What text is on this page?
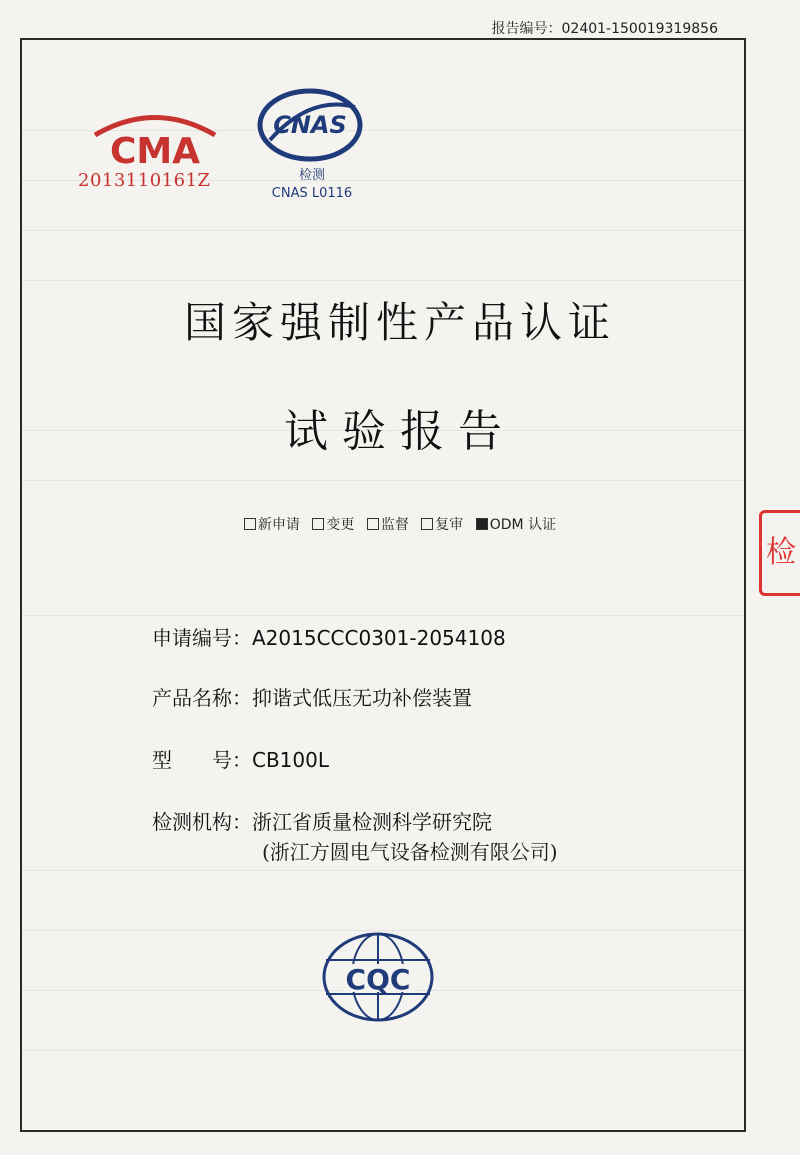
报告编号：02401-150019319856
CMA
2013110161Z
CNAS
检测
CNAS L0116
国家强制性产品认证
试验报告
新申请 变更 监督 复审 ODM 认证
申请编号：A2015CCC0301-2054108
产品名称：抑谐式低压无功补偿装置
型　　号：CB100L
检测机构：浙江省质量检测科学研究院
(浙江方圆电气设备检测有限公司)
CQC
检
